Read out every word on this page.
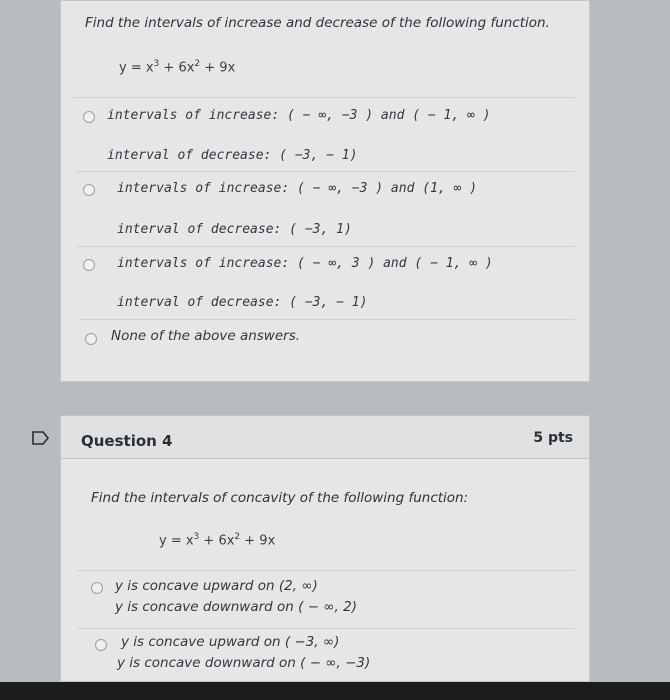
Find the intervals of increase and decrease of the following function.
$y = x^3 + 6x^2 + 9x$
intervals of increase: ( − ∞, −3 ) and ( − 1, ∞ )
interval of decrease: ( −3, − 1)
intervals of increase: ( − ∞, −3 ) and (1, ∞ )
interval of decrease: ( −3, 1)
intervals of increase: ( − ∞, 3 ) and ( − 1, ∞ )
interval of decrease: ( −3, − 1)
None of the above answers.
Question 4	5 pts
Find the intervals of concavity of the following function:
$y = x^3 + 6x^2 + 9x$
y is concave upward on (2, ∞)
y is concave downward on ( − ∞, 2)
y is concave upward on ( −3, ∞)
y is concave downward on ( − ∞, −3)
